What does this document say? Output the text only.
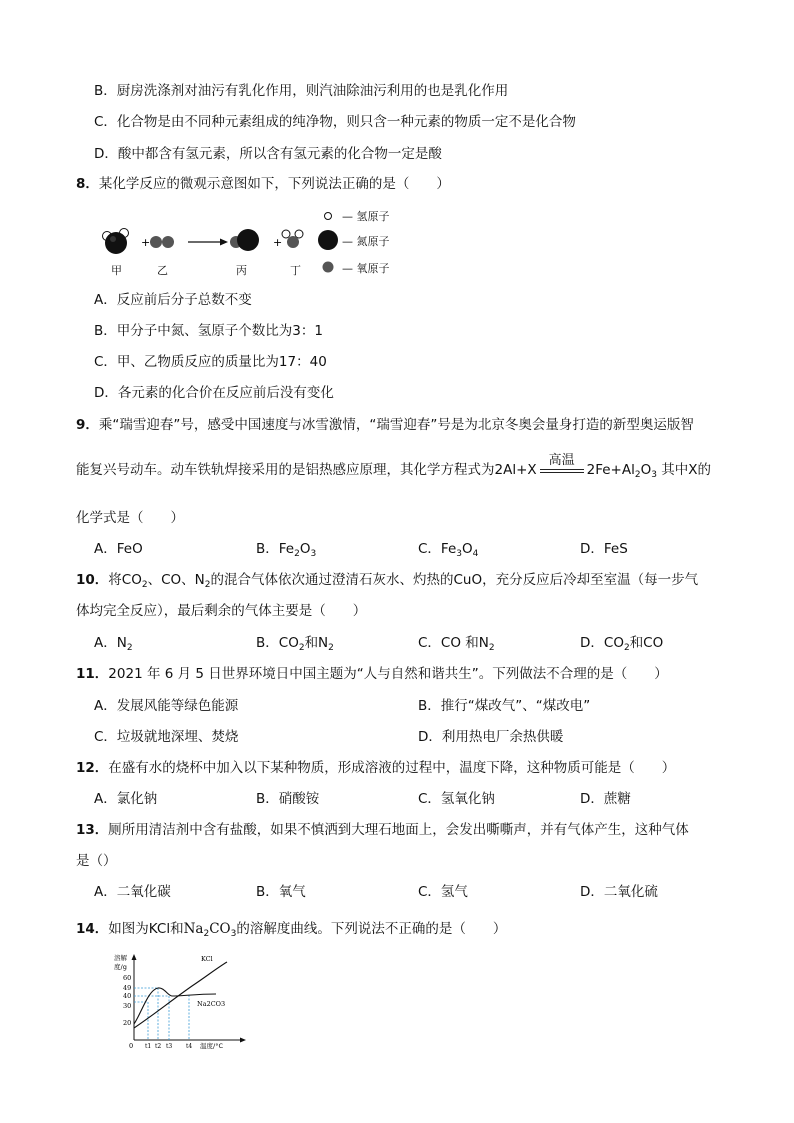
B．厨房洗涤剂对油污有乳化作用，则汽油除油污利用的也是乳化作用
C．化合物是由不同种元素组成的纯净物，则只含一种元素的物质一定不是化合物
D．酸中都含有氢元素，所以含有氢元素的化合物一定是酸
8．某化学反应的微观示意图如下，下列说法正确的是（　　）
+	+
甲	乙	丙	丁
— 氢原子
— 氮原子
— 氧原子
A．反应前后分子总数不变
B．甲分子中氮、氢原子个数比为3：1
C．甲、乙物质反应的质量比为17：40
D．各元素的化合价在反应前后没有变化
9．乘“瑞雪迎春”号，感受中国速度与冰雪激情，“瑞雪迎春”号是为北京冬奥会量身打造的新型奥运版智
能复兴号动车。动车铁轨焊接采用的是铝热感应原理，其化学方程式为2Al+X
高温
$2Fe+Al_2O_3$ 其中X的
化学式是（　　）
A．FeO	B．$Fe_2O_3$	C．$Fe_3O_4$	D．FeS
10．将$CO_2$、CO、$N_2$的混合气体依次通过澄清石灰水、灼热的CuO，充分反应后冷却至室温（每一步气
体均完全反应），最后剩余的气体主要是（　　）
A．$N_2$	B．$CO_2$和$N_2$	C．CO 和$N_2$	D．$CO_2$和CO
11．2021 年 6 月 5 日世界环境日中国主题为“人与自然和谐共生”。下列做法不合理的是（　　）
A．发展风能等绿色能源	B．推行“煤改气”、“煤改电”
C．垃圾就地深埋、焚烧	D．利用热电厂余热供暖
12．在盛有水的烧杯中加入以下某种物质，形成溶液的过程中，温度下降，这种物质可能是（　　）
A．氯化钠	B．硝酸铵	C．氢氧化钠	D．蔗糖
13．厕所用清洁剂中含有盐酸，如果不慎洒到大理石地面上，会发出嘶嘶声，并有气体产生，这种气体
是（）
A．二氧化碳	B．氧气	C．氢气	D．二氧化硫
14．如图为KCl和$Na_2CO_3$的溶解度曲线。下列说法不正确的是（　　）
溶解
度/g
60
49
40
30
20
0 t1 t2 t3 t4 温度/°C
KCl
Na2CO3
